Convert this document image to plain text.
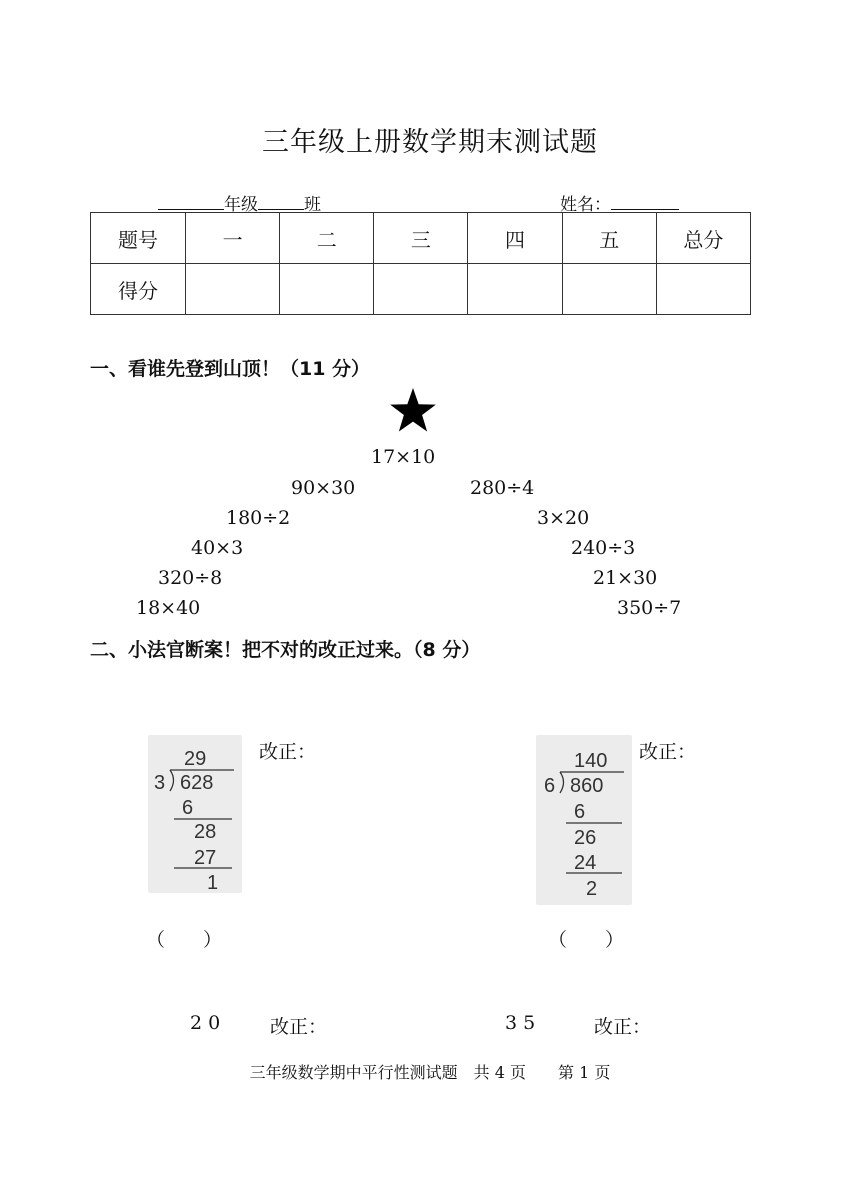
三年级上册数学期末测试题
年级	班	姓名：
题号	一	二	三	四	五	总分
得分						
一、看谁先登到山顶！（11 分）
17×10
90×30
180÷2
40×3
320÷8
18×40
280÷4
3×20
240÷3
21×30
350÷7
二、小法官断案！把不对的改正过来。（8 分）
29
3 628
6
28
27
1
改正：
（　　）
140
6 860
6
26
24
2
改正：
（　　）
2 0	改正：	3 5	改正：
三年级数学期中平行性测试题　共 4 页　　第 1 页
